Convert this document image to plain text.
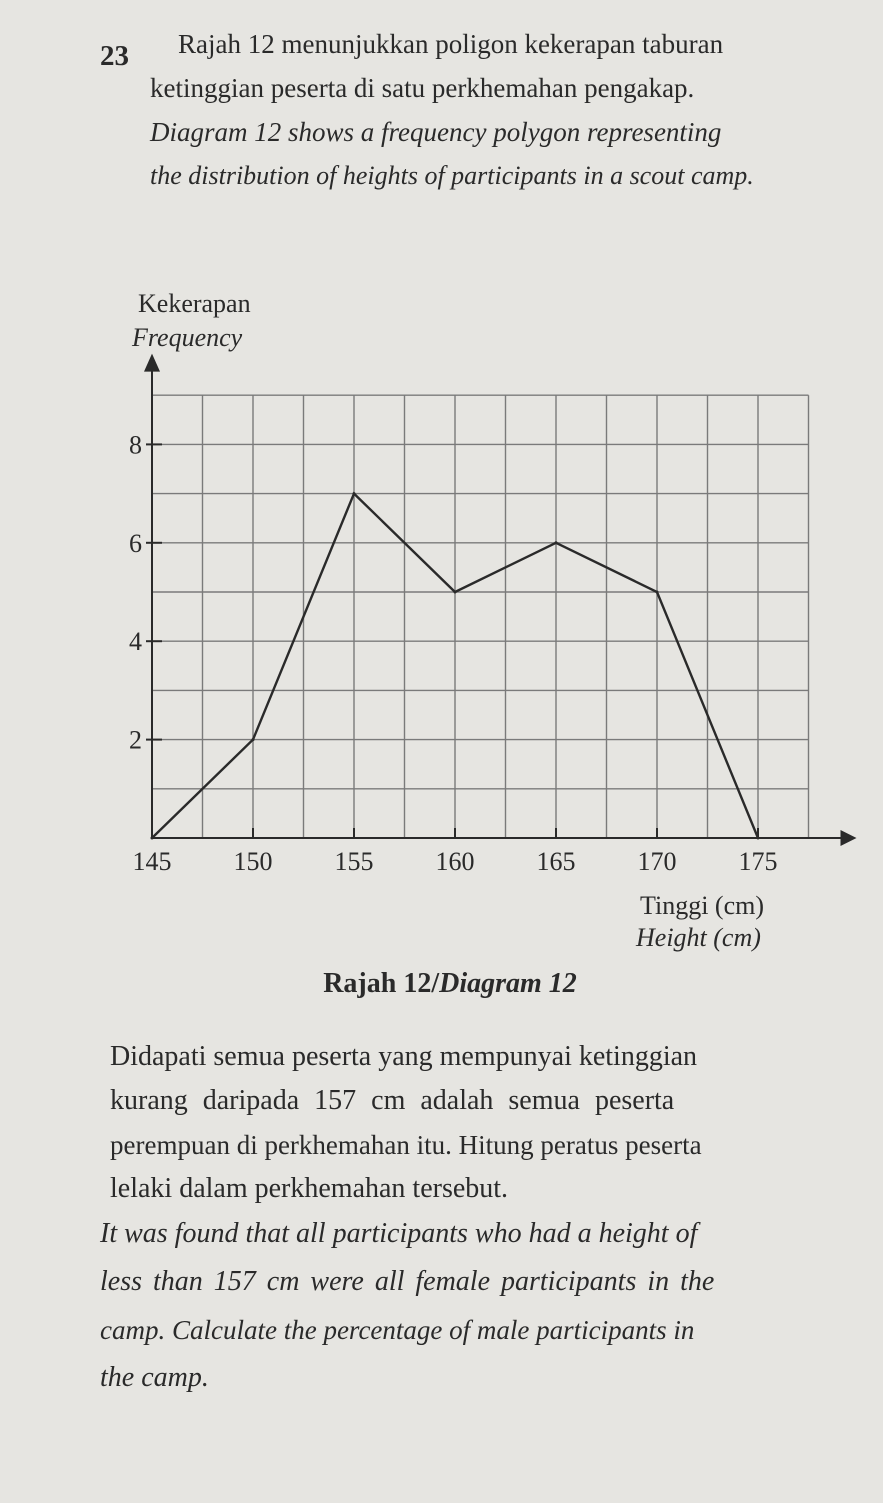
23	Rajah 12 menunjukkan poligon kekerapan taburan
ketinggian peserta di satu perkhemahan pengakap.
Diagram 12 shows a frequency polygon representing
the distribution of heights of participants in a scout camp.
145 150 155 160 165 170 175
2
4
6
8
Kekerapan
Frequency
Tinggi (cm)
Height (cm)
Rajah 12/Diagram 12
Didapati semua peserta yang mempunyai ketinggian
kurang daripada 157 cm adalah semua peserta
perempuan di perkhemahan itu. Hitung peratus peserta
lelaki dalam perkhemahan tersebut.
It was found that all participants who had a height of
less than 157 cm were all female participants in the
camp. Calculate the percentage of male participants in
the camp.
